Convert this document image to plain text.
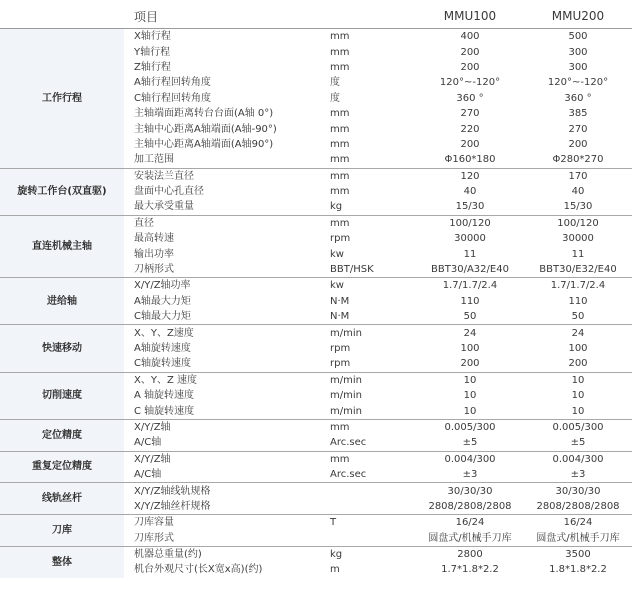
	项目		MMU100	MMU200
工作行程	X轴行程	mm	400	500
	Y轴行程	mm	200	300
	Z轴行程	mm	200	300
	A轴行程回转角度	度	120°~-120°	120°~-120°
	C轴行程回转角度	度	360 °	360 °
	主轴端面距离转台台面(A轴 0°)	mm	270	385
	主轴中心距离A轴端面(A轴-90°)	mm	220	270
	主轴中心距离A轴端面(A轴90°)	mm	200	200
	加工范围	mm	Φ160*180	Φ280*270
旋转工作台(双直驱)	安装法兰直径	mm	120	170
	盘面中心孔直径	mm	40	40
	最大承受重量	kg	15/30	15/30
直连机械主轴	直径	mm	100/120	100/120
	最高转速	rpm	30000	30000
	输出功率	kw	11	11
	刀柄形式	BBT/HSK	BBT30/A32/E40	BBT30/E32/E40
进给轴	X/Y/Z轴功率	kw	1.7/1.7/2.4	1.7/1.7/2.4
	A轴最大力矩	N·M	110	110
	C轴最大力矩	N·M	50	50
快速移动	X、Y、Z速度	m/min	24	24
	A轴旋转速度	rpm	100	100
	C轴旋转速度	rpm	200	200
切削速度	X、Y、Z 速度	m/min	10	10
	A 轴旋转速度	m/min	10	10
	C 轴旋转速度	m/min	10	10
定位精度	X/Y/Z轴	mm	0.005/300	0.005/300
	A/C轴	Arc.sec	±5	±5
重复定位精度	X/Y/Z轴	mm	0.004/300	0.004/300
	A/C轴	Arc.sec	±3	±3
线轨丝杆	X/Y/Z轴线轨规格		30/30/30	30/30/30
	X/Y/Z轴丝杆规格		2808/2808/2808	2808/2808/2808
刀库	刀库容量	T	16/24	16/24
	刀库形式		圆盘式/机械手刀库	圆盘式/机械手刀库
整体	机器总重量(约)	kg	2800	3500
	机台外观尺寸(长X宽x高)(约)	m	1.7*1.8*2.2	1.8*1.8*2.2
